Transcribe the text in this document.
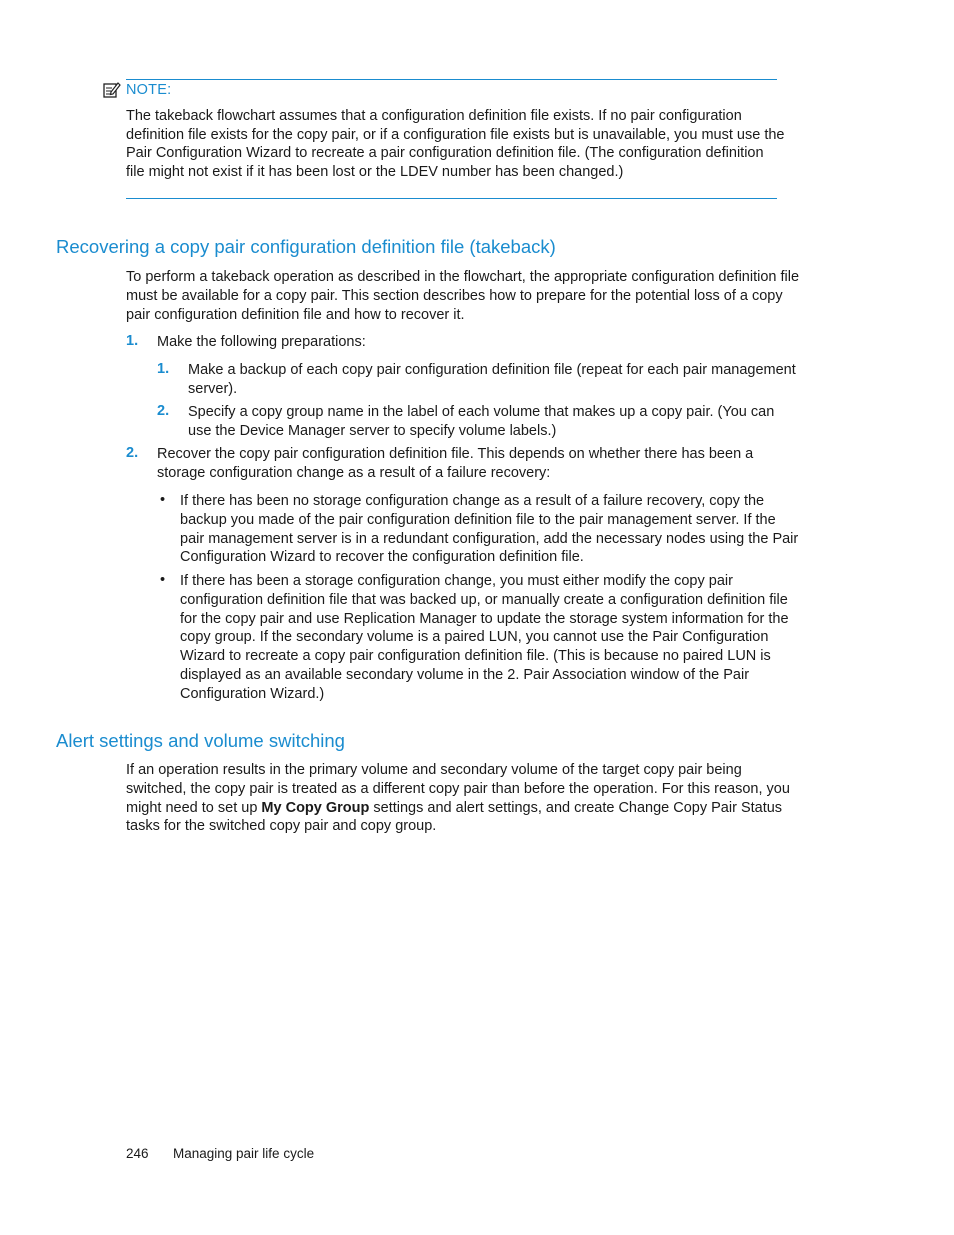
NOTE:

The takeback flowchart assumes that a configuration definition file exists. If no pair configuration definition file exists for the copy pair, or if a configuration file exists but is unavailable, you must use the Pair Configuration Wizard to recreate a pair configuration definition file. (The configuration definition file might not exist if it has been lost or the LDEV number has been changed.)

Recovering a copy pair configuration definition file (takeback)

To perform a takeback operation as described in the flowchart, the appropriate configuration definition file must be available for a copy pair. This section describes how to prepare for the potential loss of a copy pair configuration definition file and how to recover it.

1. Make the following preparations:

1. Make a backup of each copy pair configuration definition file (repeat for each pair management server).

2. Specify a copy group name in the label of each volume that makes up a copy pair. (You can use the Device Manager server to specify volume labels.)

2. Recover the copy pair configuration definition file. This depends on whether there has been a storage configuration change as a result of a failure recovery:

• If there has been no storage configuration change as a result of a failure recovery, copy the backup you made of the pair configuration definition file to the pair management server. If the pair management server is in a redundant configuration, add the necessary nodes using the Pair Configuration Wizard to recover the configuration definition file.

• If there has been a storage configuration change, you must either modify the copy pair configuration definition file that was backed up, or manually create a configuration definition file for the copy pair and use Replication Manager to update the storage system information for the copy group. If the secondary volume is a paired LUN, you cannot use the Pair Configuration Wizard to recreate a copy pair configuration definition file. (This is because no paired LUN is displayed as an available secondary volume in the 2. Pair Association window of the Pair Configuration Wizard.)

Alert settings and volume switching

If an operation results in the primary volume and secondary volume of the target copy pair being switched, the copy pair is treated as a different copy pair than before the operation. For this reason, you might need to set up My Copy Group settings and alert settings, and create Change Copy Pair Status tasks for the switched copy pair and copy group.

246 Managing pair life cycle
